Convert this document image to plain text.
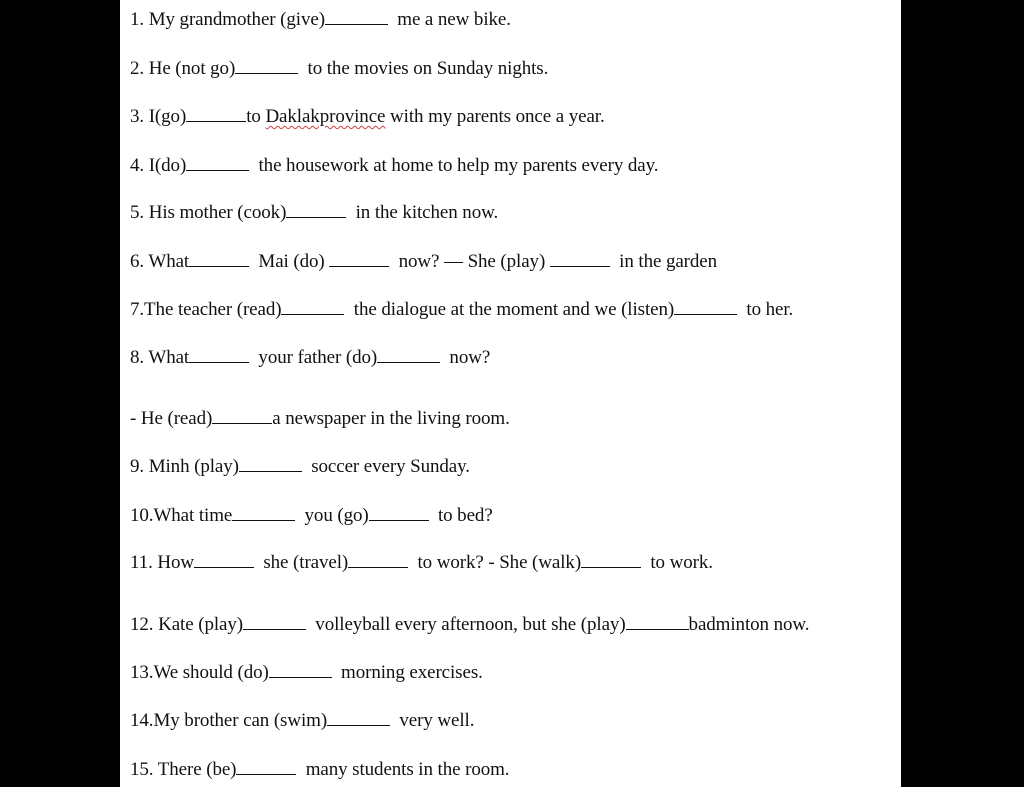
1. My grandmother (give)	me a new bike.
2. He (not go)	to the movies on Sunday nights.
3. I(go)	to Daklakprovince with my parents once a year.
4. I(do)	the housework at home to help my parents every day.
5. His mother (cook)	in the kitchen now.
6. What	Mai (do)	now? — She (play)	in the garden
7.The teacher (read)	the dialogue at the moment and we (listen)	to her.
8. What	your father (do)	now?
- He (read)	a newspaper in the living room.
9. Minh (play)	soccer every Sunday.
10.What time	you (go)	to bed?
11. How	she (travel)	to work? - She (walk)	to work.
12. Kate (play)	volleyball every afternoon, but she (play)	badminton now.
13.We should (do)	morning exercises.
14.My brother can (swim)	very well.
15. There (be)	many students in the room.
